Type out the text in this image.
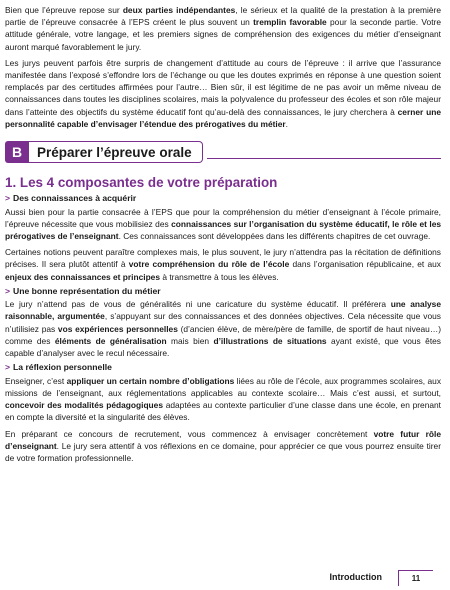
Bien que l’épreuve repose sur deux parties indépendantes, le sérieux et la qualité de la prestation à la première partie de l’épreuve consacrée à l’EPS créent le plus souvent un tremplin favorable pour la seconde partie. Votre attitude générale, votre langage, et les premiers signes de compréhension des exigences du métier d’enseignant auront marqué favorablement le jury.

Les jurys peuvent parfois être surpris de changement d’attitude au cours de l’épreuve : il arrive que l’assurance manifestée dans l’exposé s’effondre lors de l’échange ou que les doutes exprimés en réponse à une question soient remplacés par des certitudes affirmées pour l’autre… Bien sûr, il est légitime de ne pas avoir un même niveau de connaissances dans toutes les disciplines scolaires, mais la polyvalence du professeur des écoles et son rôle majeur dans l’atteinte des objectifs du système éducatif font qu’au-delà des connaissances, le jury cherchera à cerner une personnalité capable d’envisager l’étendue des prérogatives du métier.

B	Préparer l’épreuve orale
1. Les 4 composantes de votre préparation
> Des connaissances à acquérir

Aussi bien pour la partie consacrée à l’EPS que pour la compréhension du métier d’enseignant à l’école primaire, l’épreuve nécessite que vous mobilisiez des connaissances sur l’organisation du système éducatif, le rôle et les prérogatives de l’enseignant. Ces connaissances sont développées dans les différents chapitres de cet ouvrage.

Certaines notions peuvent paraître complexes mais, le plus souvent, le jury n’attendra pas la récitation de définitions précises. Il sera plutôt attentif à votre compréhension du rôle de l’école dans l’organisation républicaine, et aux enjeux des connaissances et principes à transmettre à tous les élèves.

> Une bonne représentation du métier

Le jury n’attend pas de vous de généralités ni une caricature du système éducatif. Il préférera une analyse raisonnable, argumentée, s’appuyant sur des connaissances et des données objectives. Cela nécessite que vous n’utilisiez pas vos expériences personnelles (d’ancien élève, de mère/père de famille, de sportif de haut niveau…) comme des éléments de généralisation mais bien d’illustrations de situations ayant existé, que vous êtes capable d’analyser avec le recul nécessaire.

> La réflexion personnelle

Enseigner, c’est appliquer un certain nombre d’obligations liées au rôle de l’école, aux programmes scolaires, aux missions de l’enseignant, aux réglementations applicables au contexte scolaire… Mais c’est aussi, et surtout, concevoir des modalités pédagogiques adaptées au contexte particulier d’une classe dans une école, en prenant en compte la diversité et la singularité des élèves.

En préparant ce concours de recrutement, vous commencez à envisager concrètement votre futur rôle d’enseignant. Le jury sera attentif à vos réflexions en ce domaine, pour apprécier ce que vous pourrez ensuite tirer de votre formation professionnelle.

Introduction	11
